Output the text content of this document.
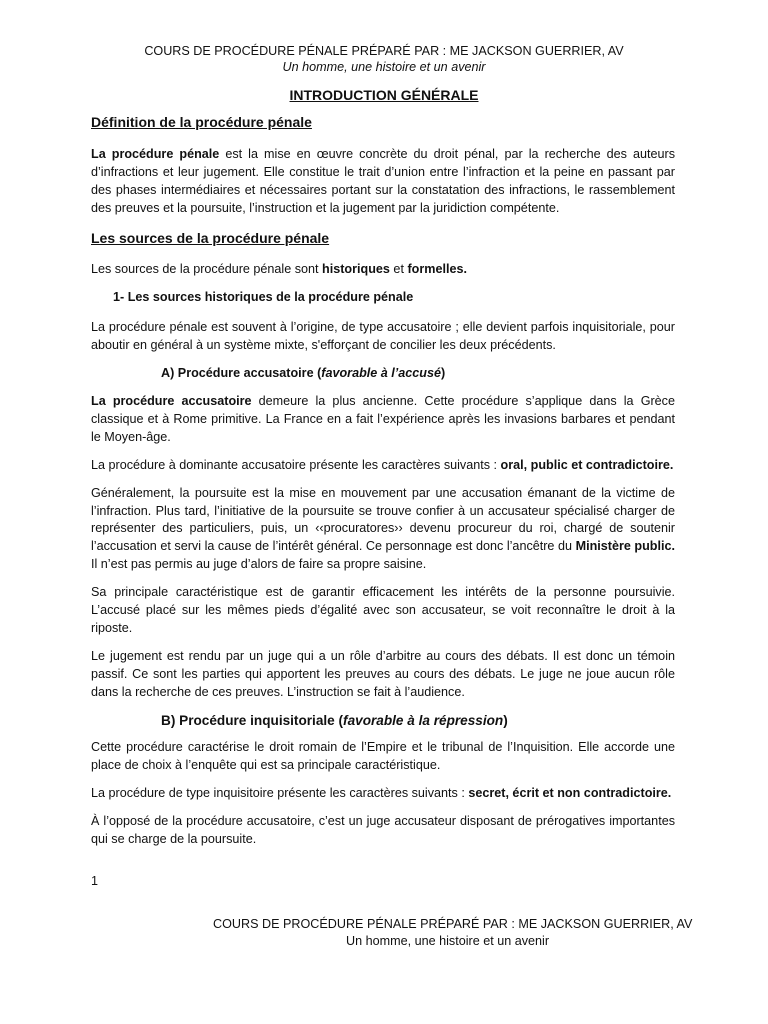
COURS DE PROCÉDURE PÉNALE PRÉPARÉ PAR : ME JACKSON GUERRIER, AV
Un homme, une histoire et un avenir
INTRODUCTION GÉNÉRALE
Définition de la procédure pénale

La procédure pénale est la mise en œuvre concrète du droit pénal, par la recherche des auteurs d’infractions et leur jugement. Elle constitue le trait d’union entre l’infraction et la peine en passant par des phases intermédiaires et nécessaires portant sur la constatation des infractions, le rassemblement des preuves et la poursuite, l’instruction et la jugement par la juridiction compétente.

Les sources de la procédure pénale

Les sources de la procédure pénale sont historiques et formelles.

1- Les sources historiques de la procédure pénale

La procédure pénale est souvent à l’origine, de type accusatoire ; elle devient parfois inquisitoriale, pour aboutir en général à un système mixte, s'efforçant de concilier les deux précédents.

A) Procédure accusatoire (favorable à l’accusé)

La procédure accusatoire demeure la plus ancienne. Cette procédure s’applique dans la Grèce classique et à Rome primitive. La France en a fait l’expérience après les invasions barbares et pendant le Moyen-âge.

La procédure à dominante accusatoire présente les caractères suivants : oral, public et contradictoire.

Généralement, la poursuite est la mise en mouvement par une accusation émanant de la victime de l’infraction. Plus tard, l’initiative de la poursuite se trouve confier à un accusateur spécialisé charger de représenter des particuliers, puis, un ‹‹procuratores›› devenu procureur du roi, chargé de soutenir l’accusation et servi la cause de l’intérêt général. Ce personnage est donc l’ancêtre du Ministère public. Il n’est pas permis au juge d’alors de faire sa propre saisine.

Sa principale caractéristique est de garantir efficacement les intérêts de la personne poursuivie. L’accusé placé sur les mêmes pieds d’égalité avec son accusateur, se voit reconnaître le droit à la riposte.

Le jugement est rendu par un juge qui a un rôle d’arbitre au cours des débats. Il est donc un témoin passif. Ce sont les parties qui apportent les preuves au cours des débats. Le juge ne joue aucun rôle dans la recherche de ces preuves. L’instruction se fait à l’audience.

B) Procédure inquisitoriale (favorable à la répression)

Cette procédure caractérise le droit romain de l’Empire et le tribunal de l’Inquisition. Elle accorde une place de choix à l’enquête qui est sa principale caractéristique.

La procédure de type inquisitoire présente les caractères suivants : secret, écrit et non contradictoire.

À l’opposé de la procédure accusatoire, c’est un juge accusateur disposant de prérogatives importantes qui se charge de la poursuite.

1
COURS DE PROCÉDURE PÉNALE PRÉPARÉ PAR : ME JACKSON GUERRIER, AV
Un homme, une histoire et un avenir
